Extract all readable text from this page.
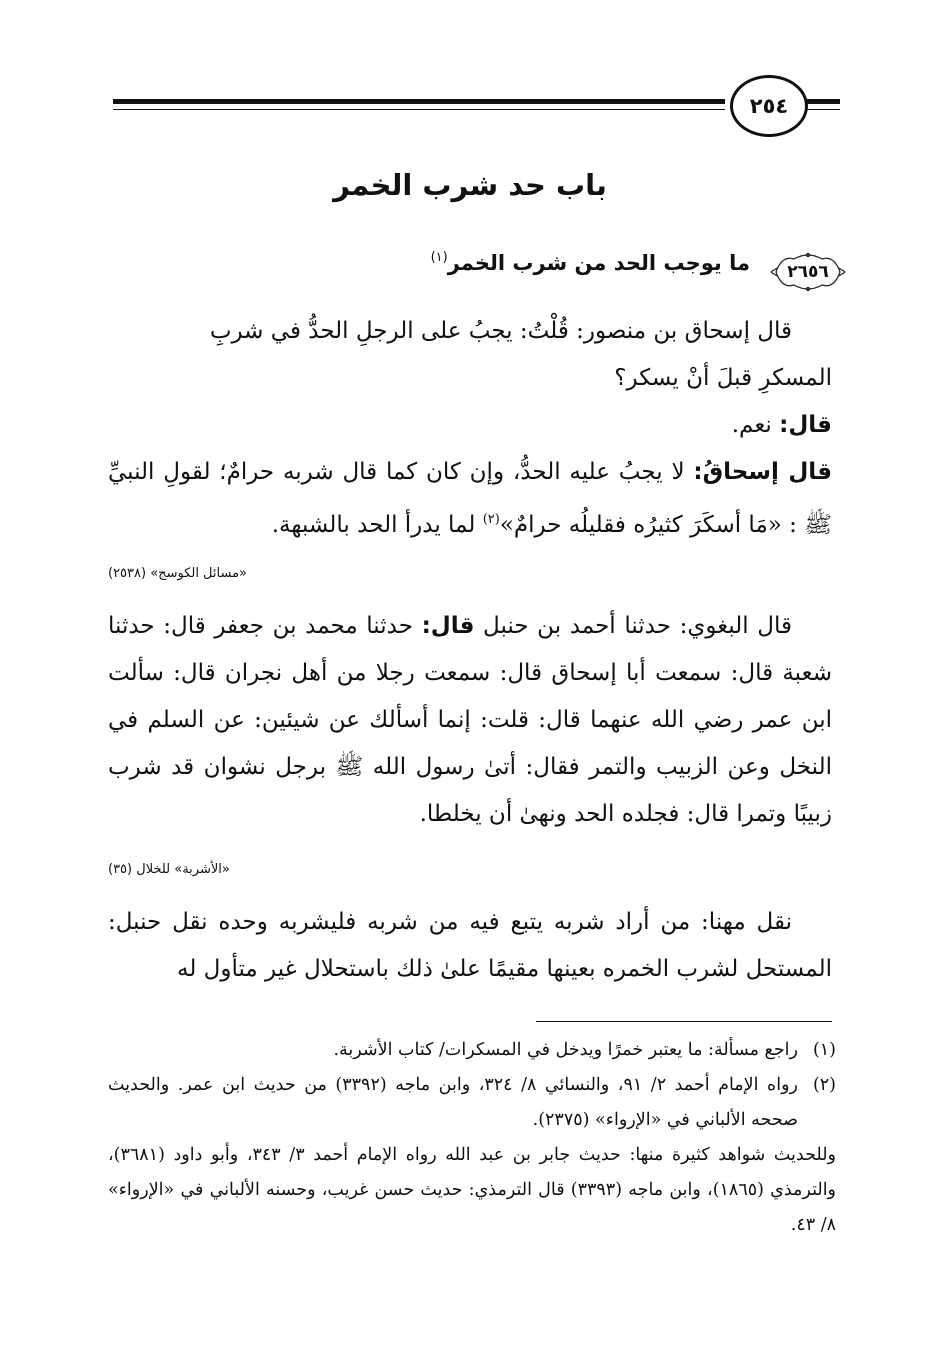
٢٥٤
باب حد شرب الخمر
٢٦٥٦
ما يوجب الحد من شرب الخمر$^{(١)}$
قال إسحاق بن منصور: قُلْتُ: يجبُ على الرجلِ الحدُّ في شربِ
المسكرِ قبلَ أنْ يسكر؟
قال: نعم.
قال إسحاقُ: لا يجبُ عليه الحدُّ، وإن كان كما قال شربه حرامٌ؛ لقولِ النبيِّ ﷺ : «مَا أسكَرَ كثيرُه فقليلُه حرامٌ»$^{(٢)}$ لما يدرأ الحد بالشبهة.
«مسائل الكوسج» (٢٥٣٨)
قال البغوي: حدثنا أحمد بن حنبل قال: حدثنا محمد بن جعفر قال: حدثنا شعبة قال: سمعت أبا إسحاق قال: سمعت رجلا من أهل نجران قال: سألت ابن عمر رضي الله عنهما قال: قلت: إنما أسألك عن شيئين: عن السلم في النخل وعن الزبيب والتمر فقال: أتىٰ رسول الله ﷺ برجل نشوان قد شرب زبيبًا وتمرا قال: فجلده الحد ونهىٰ أن يخلطا.
«الأشربة» للخلال (٣٥)
نقل مهنا: من أراد شربه يتبع فيه من شربه فليشربه وحده نقل حنبل: المستحل لشرب الخمره بعينها مقيمًا علىٰ ذلك باستحلال غير متأول له
(١)
راجع مسألة: ما يعتبر خمرًا ويدخل في المسكرات/ كتاب الأشربة.
(٢)
رواه الإمام أحمد ٢/ ٩١، والنسائي ٨/ ٣٢٤، وابن ماجه (٣٣٩٢) من حديث ابن عمر. والحديث صححه الألباني في «الإرواء» (٢٣٧٥).
وللحديث شواهد كثيرة منها: حديث جابر بن عبد الله رواه الإمام أحمد ٣/ ٣٤٣، وأبو داود (٣٦٨١)، والترمذي (١٨٦٥)، وابن ماجه (٣٣٩٣) قال الترمذي: حديث حسن غريب، وحسنه الألباني في «الإرواء» ٨/ ٤٣.
